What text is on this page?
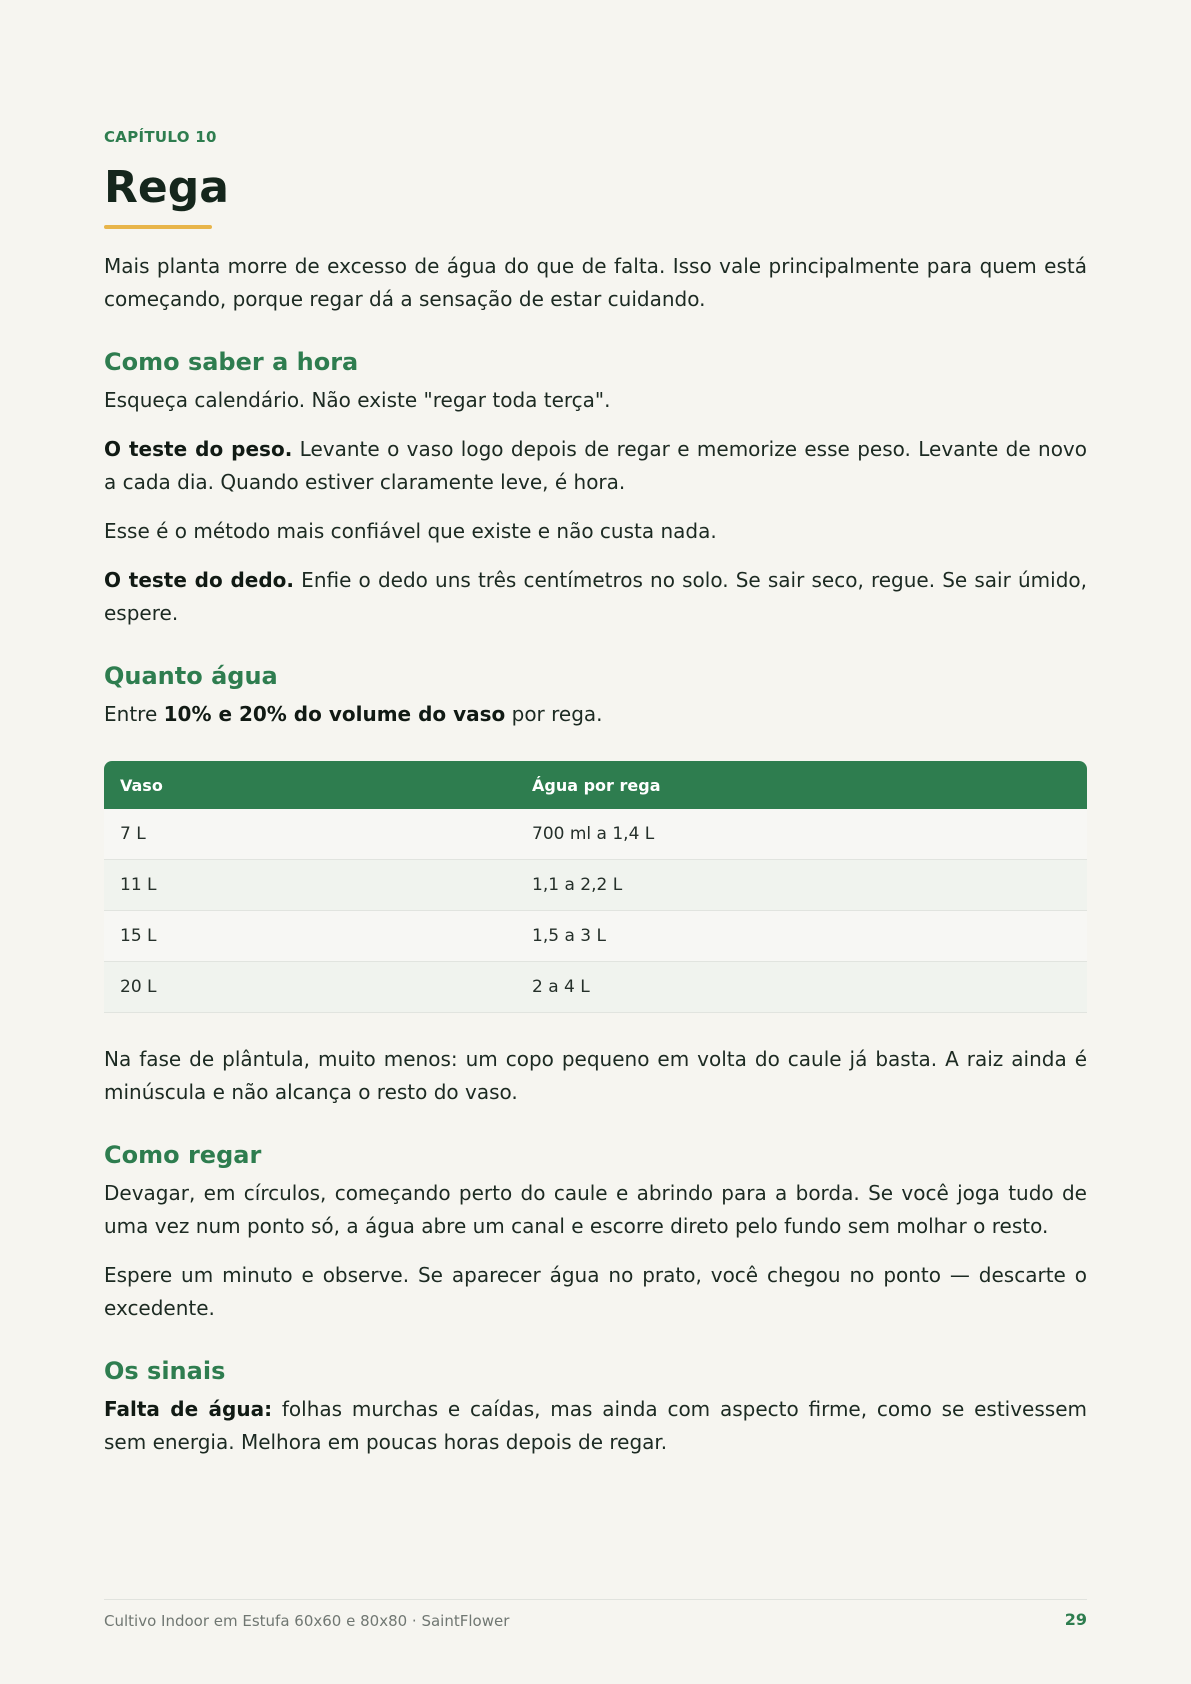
CAPÍTULO 10
Rega

Mais planta morre de excesso de água do que de falta. Isso vale principalmente para quem está começando, porque regar dá a sensação de estar cuidando.

Como saber a hora

Esqueça calendário. Não existe "regar toda terça".

O teste do peso. Levante o vaso logo depois de regar e memorize esse peso. Levante de novo a cada dia. Quando estiver claramente leve, é hora.

Esse é o método mais confiável que existe e não custa nada.

O teste do dedo. Enfie o dedo uns três centímetros no solo. Se sair seco, regue. Se sair úmido, espere.

Quanto água

Entre 10% e 20% do volume do vaso por rega.

Vaso	Água por rega
7 L	700 ml a 1,4 L
11 L	1,1 a 2,2 L
15 L	1,5 a 3 L
20 L	2 a 4 L

Na fase de plântula, muito menos: um copo pequeno em volta do caule já basta. A raiz ainda é minúscula e não alcança o resto do vaso.

Como regar

Devagar, em círculos, começando perto do caule e abrindo para a borda. Se você joga tudo de uma vez num ponto só, a água abre um canal e escorre direto pelo fundo sem molhar o resto.

Espere um minuto e observe. Se aparecer água no prato, você chegou no ponto — descarte o excedente.

Os sinais

Falta de água: folhas murchas e caídas, mas ainda com aspecto firme, como se estivessem sem energia. Melhora em poucas horas depois de regar.

Cultivo Indoor em Estufa 60x60 e 80x80 · SaintFlower	29
